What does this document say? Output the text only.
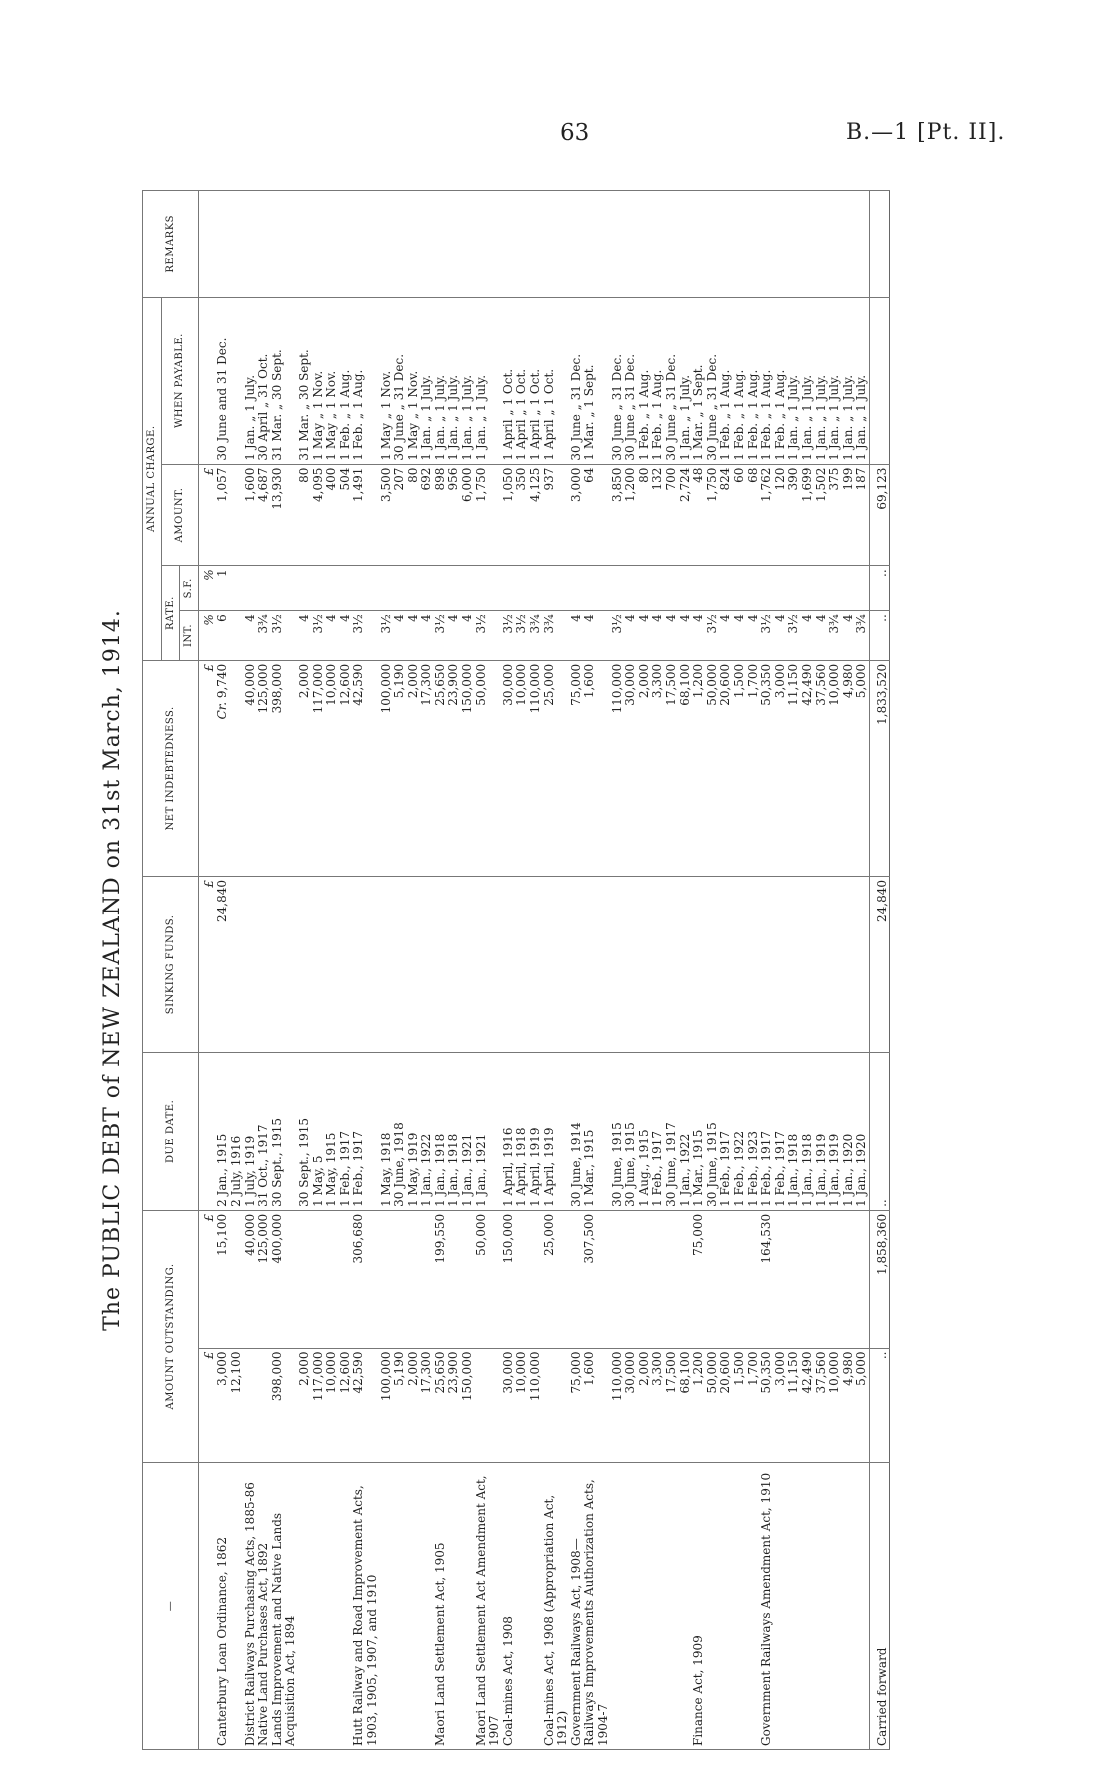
63	B.—1 [Pt. II].
The PUBLIC DEBT of NEW ZEALAND on 31st March, 1914.
—	AMOUNT OUTSTANDING.		DUE DATE.	SINKING FUNDS.	NET INDEBTEDNESS.	ANNUAL CHARGE.				REMARKS
						RATE.		AMOUNT.	WHEN PAYABLE.	
						INT.	S.F.			
	£	£		£	£	%	%	£		
Canterbury Loan Ordinance, 1862	3,000	15,100	2 Jan., 1915	24,840	Cr. 9,740	6	1	1,057	30 June and 31 Dec.	
	12,100		2 July, 1916							
District Railways Purchasing Acts, 1885-86		40,000	1 July, 1919		40,000	4		1,600	1 Jan. „ 1 July.	
Native Land Purchases Act, 1892		125,000	31 Oct., 1917		125,000	3¾		4,687	30 April „ 31 Oct.	
Lands Improvement and Native Lands Acquisition Act, 1894	398,000	400,000	30 Sept., 1915		398,000	3½		13,930	31 Mar. „ 30 Sept.	
	2,000		30 Sept., 1915		2,000	4		80	31 Mar. „ 30 Sept.	
	117,000		1 May, 5		117,000	3½		4,095	1 May „ 1 Nov.	
	10,000		1 May, 1915		10,000	4		400	1 May „ 1 Nov.	
	12,600		1 Feb., 1917		12,600	4		504	1 Feb. „ 1 Aug.	
Hutt Railway and Road Improvement Acts, 1903, 1905, 1907, and 1910	42,590	306,680	1 Feb., 1917		42,590	3½		1,491	1 Feb. „ 1 Aug.	
	100,000		1 May, 1918		100,000	3½		3,500	1 May „ 1 Nov.	
	5,190		30 June, 1918		5,190	4		207	30 June „ 31 Dec.	
	2,000		1 May, 1919		2,000	4		80	1 May „ 1 Nov.	
	17,300		1 Jan., 1922		17,300	4		692	1 Jan. „ 1 July.	
Maori Land Settlement Act, 1905	25,650	199,550	1 Jan., 1918		25,650	3½		898	1 Jan. „ 1 July.	
	23,900		1 Jan., 1918		23,900	4		956	1 Jan. „ 1 July.	
	150,000		1 Jan., 1921		150,000	4		6,000	1 Jan. „ 1 July.	
Maori Land Settlement Act Amendment Act, 1907		50,000	1 Jan., 1921		50,000	3½		1,750	1 Jan. „ 1 July.	
Coal-mines Act, 1908	30,000	150,000	1 April, 1916		30,000	3½		1,050	1 April „ 1 Oct.	
	10,000		1 April, 1918		10,000	3½		350	1 April „ 1 Oct.	
	110,000		1 April, 1919		110,000	3¾		4,125	1 April „ 1 Oct.	
Coal-mines Act, 1908 (Appropriation Act, 1912)		25,000	1 April, 1919		25,000	3¾		937	1 April „ 1 Oct.	
Government Railways Act, 1908—	75,000		30 June, 1914		75,000	4		3,000	30 June „ 31 Dec.	
Railways Improvements Authorization Acts, 1904-7	1,600	307,500	1 Mar., 1915		1,600	4		64	1 Mar. „ 1 Sept.	
	110,000		30 June, 1915		110,000	3½		3,850	30 June „ 31 Dec.	
	30,000		30 June, 1915		30,000	4		1,200	30 June „ 31 Dec.	
	2,000		1 Aug., 1915		2,000	4		80	1 Feb. „ 1 Aug.	
	3,300		1 Feb., 1917		3,300	4		132	1 Feb. „ 1 Aug.	
	17,500		30 June, 1917		17,500	4		700	30 June „ 31 Dec.	
	68,100		1 Jan., 1922		68,100	4		2,724	1 Jan. „ 1 July.	
Finance Act, 1909	1,200	75,000	1 Mar., 1915		1,200	4		48	1 Mar. „ 1 Sept.	
	50,000		30 June, 1915		50,000	3½		1,750	30 June „ 31 Dec.	
	20,600		1 Feb., 1917		20,600	4		824	1 Feb. „ 1 Aug.	
	1,500		1 Feb., 1922		1,500	4		60	1 Feb. „ 1 Aug.	
	1,700		1 Feb., 1923		1,700	4		68	1 Feb. „ 1 Aug.	
Government Railways Amendment Act, 1910	50,350	164,530	1 Feb., 1917		50,350	3½		1,762	1 Feb. „ 1 Aug.	
	3,000		1 Feb., 1917		3,000	4		120	1 Feb. „ 1 Aug.	
	11,150		1 Jan., 1918		11,150	3½		390	1 Jan. „ 1 July.	
	42,490		1 Jan., 1918		42,490	4		1,699	1 Jan. „ 1 July.	
	37,560		1 Jan., 1919		37,560	4		1,502	1 Jan. „ 1 July.	
	10,000		1 Jan., 1919		10,000	3¾		375	1 Jan. „ 1 July.	
	4,980		1 Jan., 1920		4,980	4		199	1 Jan. „ 1 July.	
	5,000		1 Jan., 1920		5,000	3¾		187	1 Jan. „ 1 July.	
Carried forward	..	1,858,360	..	24,840	1,833,520	..	..	69,123		
